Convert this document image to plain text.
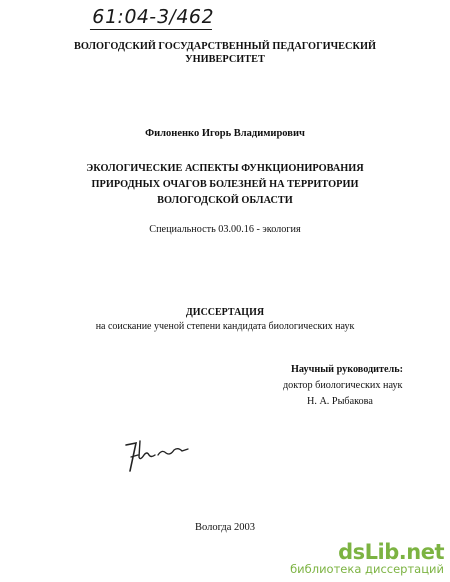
61:04-3/462
ВОЛОГОДСКИЙ ГОСУДАРСТВЕННЫЙ ПЕДАГОГИЧЕСКИЙ
УНИВЕРСИТЕТ
Филоненко Игорь Владимирович
ЭКОЛОГИЧЕСКИЕ АСПЕКТЫ ФУНКЦИОНИРОВАНИЯ
ПРИРОДНЫХ ОЧАГОВ БОЛЕЗНЕЙ НА ТЕРРИТОРИИ
ВОЛОГОДСКОЙ ОБЛАСТИ
Специальность 03.00.16 - экология
ДИССЕРТАЦИЯ
на соискание ученой степени кандидата биологических наук
Научный руководитель:
доктор биологических наук
Н. А. Рыбакова
Вологда 2003
dsLib.net
библиотека диссертаций
